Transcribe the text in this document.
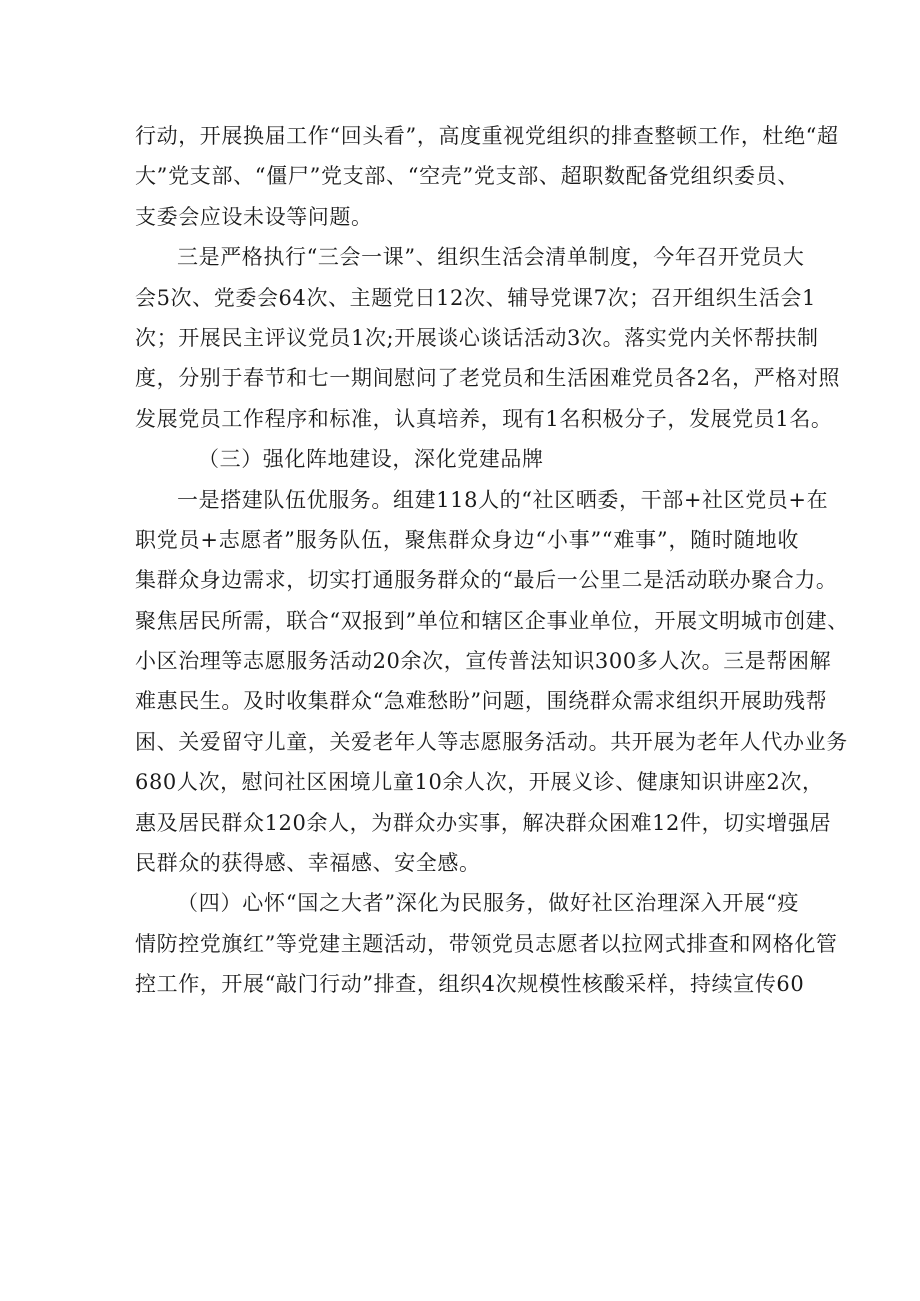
行动，开展换届工作“回头看”，高度重视党组织的排查整顿工作，杜绝“超
大”党支部、“僵尸”党支部、“空壳”党支部、超职数配备党组织委员、
支委会应设未设等问题。
三是严格执行“三会一课”、组织生活会清单制度，今年召开党员大
会5次、党委会64次、主题党日12次、辅导党课7次；召开组织生活会1
次；开展民主评议党员1次;开展谈心谈话活动3次。落实党内关怀帮扶制
度，分别于春节和七一期间慰问了老党员和生活困难党员各2名，严格对照
发展党员工作程序和标准，认真培养，现有1名积极分子，发展党员1名。
（三）强化阵地建设，深化党建品牌
一是搭建队伍优服务。组建118人的“社区晒委，干部+社区党员+在
职党员+志愿者”服务队伍，聚焦群众身边“小事”“难事”，随时随地收
集群众身边需求，切实打通服务群众的“最后一公里二是活动联办聚合力。
聚焦居民所需，联合“双报到”单位和辖区企事业单位，开展文明城市创建、
小区治理等志愿服务活动20余次，宣传普法知识300多人次。三是帮困解
难惠民生。及时收集群众“急难愁盼”问题，围绕群众需求组织开展助残帮
困、关爱留守儿童，关爱老年人等志愿服务活动。共开展为老年人代办业务
680人次，慰问社区困境儿童10余人次，开展义诊、健康知识讲座2次，
惠及居民群众120余人，为群众办实事，解决群众困难12件，切实增强居
民群众的获得感、幸福感、安全感。
（四）心怀“国之大者”深化为民服务，做好社区治理深入开展“疫
情防控党旗红”等党建主题活动，带领党员志愿者以拉网式排查和网格化管
控工作，开展“敲门行动”排查，组织4次规模性核酸采样，持续宣传60
